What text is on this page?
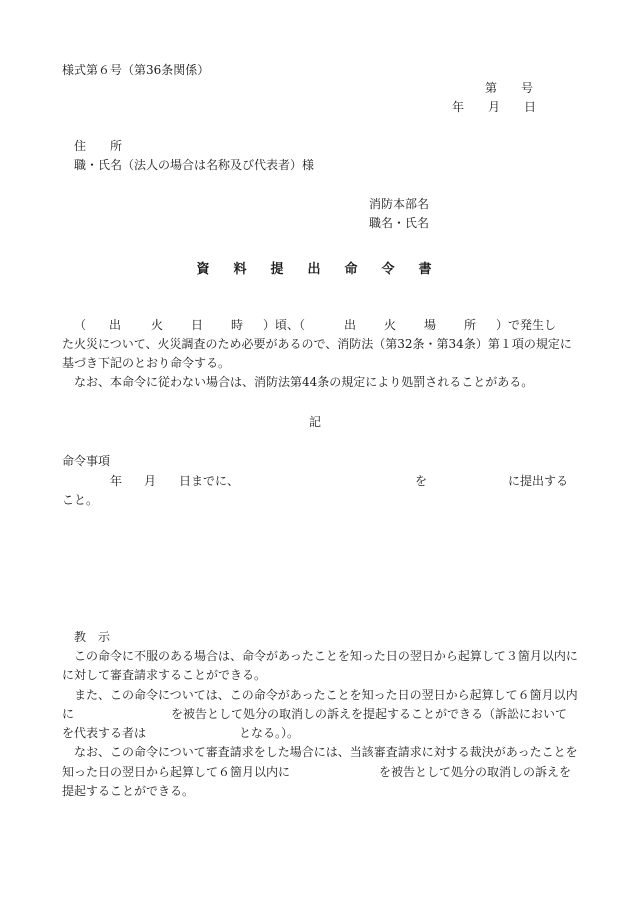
様式第６号（第36条関係）
第　　号
年　　月　　日
住　　所
職・氏名（法人の場合は名称及び代表者）様
消防本部名
職名・氏名
資 料 提 出 命 令 書
（ 出 火 日 時 ）頃、（	出 火 場 所 ）で発生し
た火災について、火災調査のため必要があるので、消防法（第32条・第34条）第１項の規定に
基づき下記のとおり命令する。
なお、本命令に従わない場合は、消防法第44条の規定により処罰されることがある。
記
命令事項
年 月 日までに、	を	に提出する
こと。
教　示
この命令に不服のある場合は、命令があったことを知った日の翌日から起算して３箇月以内に
に対して審査請求することができる。
また、この命令については、この命令があったことを知った日の翌日から起算して６箇月以内
に	を被告として処分の取消しの訴えを提起することができる（訴訟において
を代表する者は	となる。）。
なお、この命令について審査請求をした場合には、当該審査請求に対する裁決があったことを
知った日の翌日から起算して６箇月以内に	を被告として処分の取消しの訴えを
提起することができる。
